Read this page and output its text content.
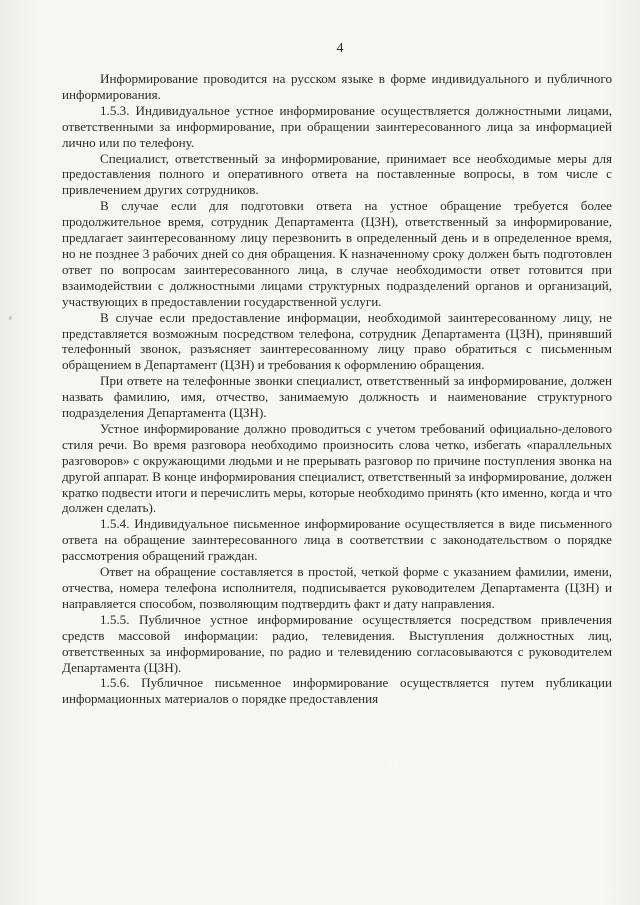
4
⸗

Информирование проводится на русском языке в форме индивидуального и публичного информирования.

1.5.3. Индивидуальное устное информирование осуществляется должностными лицами, ответственными за информирование, при обращении заинтересованного лица за информацией лично или по телефону.

Специалист, ответственный за информирование, принимает все необходимые меры для предоставления полного и оперативного ответа на поставленные вопросы, в том числе с привлечением других сотрудников.

В случае если для подготовки ответа на устное обращение требуется более продолжительное время, сотрудник Департамента (ЦЗН), ответственный за информирование, предлагает заинтересованному лицу перезвонить в определенный день и в определенное время, но не позднее 3 рабочих дней со дня обращения. К назначенному сроку должен быть подготовлен ответ по вопросам заинтересованного лица, в случае необходимости ответ готовится при взаимодействии с должностными лицами структурных подразделений органов и организаций, участвующих в предоставлении государственной услуги.

В случае если предоставление информации, необходимой заинтересованному лицу, не представляется возможным посредством телефона, сотрудник Департамента (ЦЗН), принявший телефонный звонок, разъясняет заинтересованному лицу право обратиться с письменным обращением в Департамент (ЦЗН) и требования к оформлению обращения.

При ответе на телефонные звонки специалист, ответственный за информирование, должен назвать фамилию, имя, отчество, занимаемую должность и наименование структурного подразделения Департамента (ЦЗН).

Устное информирование должно проводиться с учетом требований официально-делового стиля речи. Во время разговора необходимо произносить слова четко, избегать «параллельных разговоров» с окружающими людьми и не прерывать разговор по причине поступления звонка на другой аппарат. В конце информирования специалист, ответственный за информирование, должен кратко подвести итоги и перечислить меры, которые необходимо принять (кто именно, когда и что должен сделать).

1.5.4. Индивидуальное письменное информирование осуществляется в виде письменного ответа на обращение заинтересованного лица в соответствии с законодательством о порядке рассмотрения обращений граждан.

Ответ на обращение составляется в простой, четкой форме с указанием фамилии, имени, отчества, номера телефона исполнителя, подписывается руководителем Департамента (ЦЗН) и направляется способом, позволяющим подтвердить факт и дату направления.

1.5.5. Публичное устное информирование осуществляется посредством привлечения средств массовой информации: радио, телевидения. Выступления должностных лиц, ответственных за информирование, по радио и телевидению согласовываются с руководителем Департамента (ЦЗН).

1.5.6. Публичное письменное информирование осуществляется путем публикации информационных материалов о порядке предоставления
